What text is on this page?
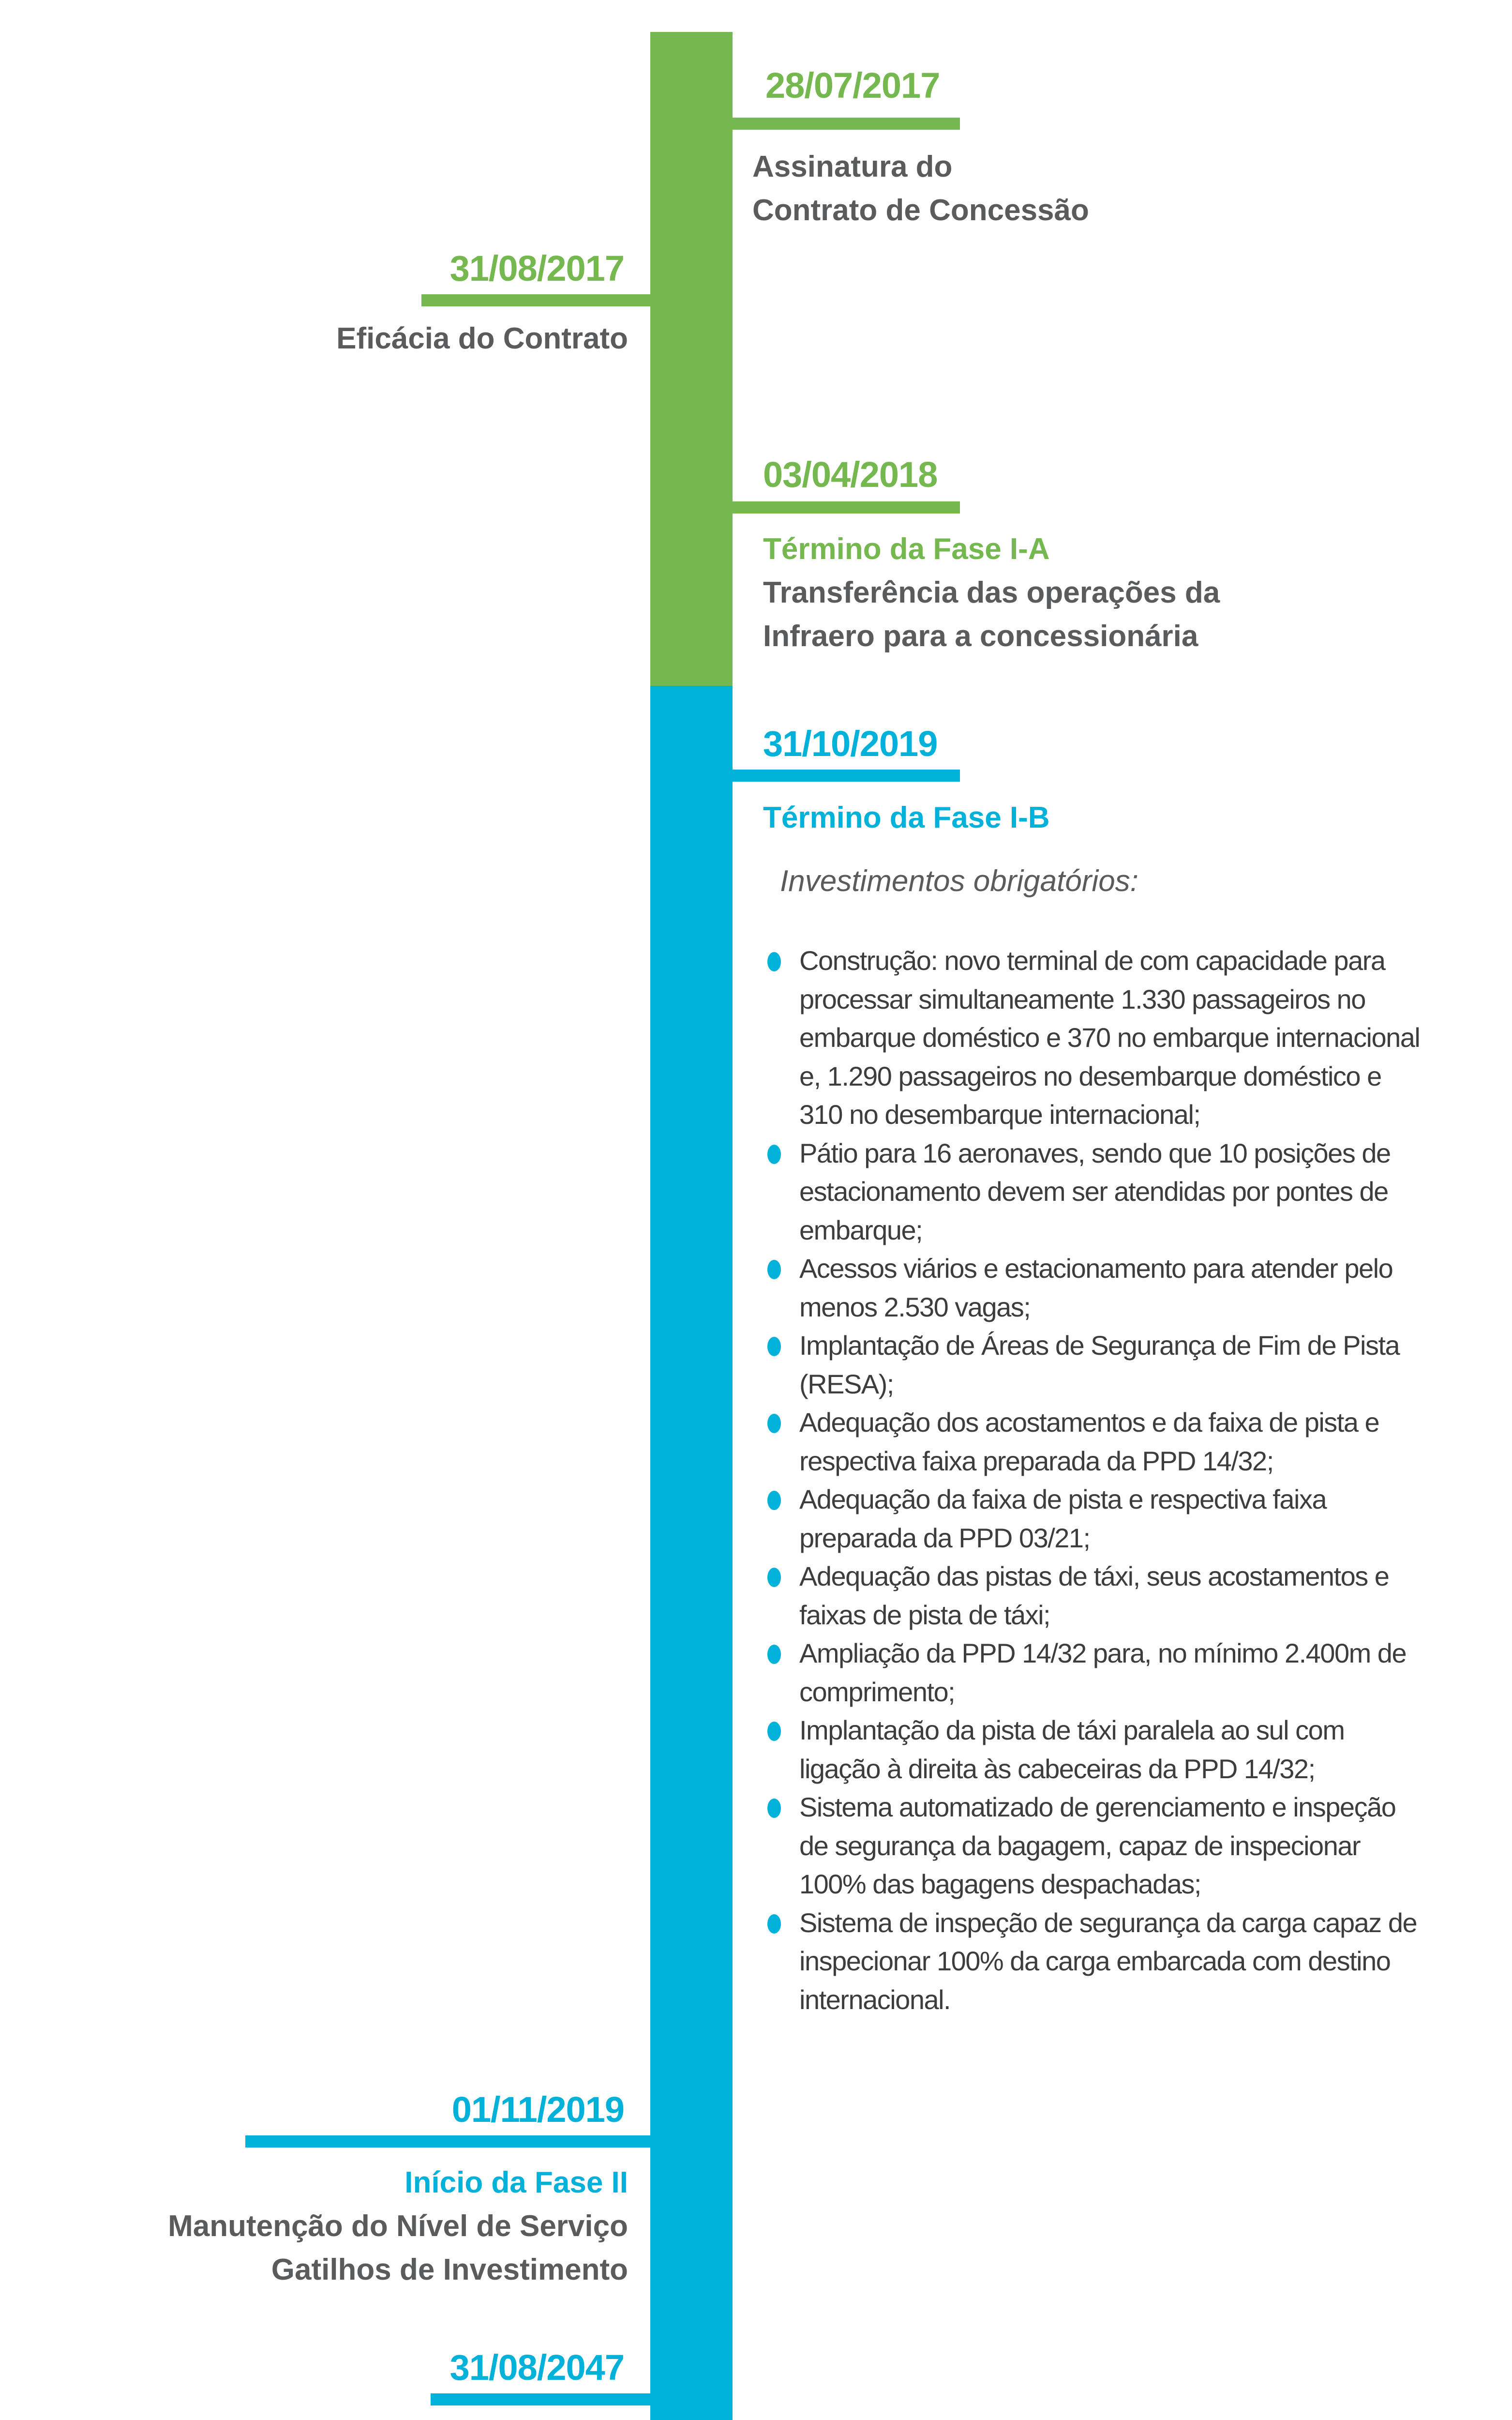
28/07/2017
Assinatura do
Contrato de Concessão
31/08/2017
Eficácia do Contrato
03/04/2018
Término da Fase I-A
Transferência das operações da
Infraero para a concessionária
31/10/2019
Término da Fase I-B
Investimentos obrigatórios:
Construção: novo terminal de com capacidade para processar simultaneamente 1.330 passageiros no embarque doméstico e 370 no embarque internacional e, 1.290 passageiros no desembarque doméstico e 310 no desembarque internacional;
Pátio para 16 aeronaves, sendo que 10 posições de estacionamento devem ser atendidas por pontes de embarque;
Acessos viários e estacionamento para atender pelo menos 2.530 vagas;
Implantação de Áreas de Segurança de Fim de Pista (RESA);
Adequação dos acostamentos e da faixa de pista e respectiva faixa preparada da PPD 14/32;
Adequação da faixa de pista e respectiva faixa preparada da PPD 03/21;
Adequação das pistas de táxi, seus acostamentos e faixas de pista de táxi;
Ampliação da PPD 14/32 para, no mínimo 2.400m de comprimento;
Implantação da pista de táxi paralela ao sul com ligação à direita às cabeceiras da PPD 14/32;
Sistema automatizado de gerenciamento e inspeção de segurança da bagagem, capaz de inspecionar 100% das bagagens despachadas;
Sistema de inspeção de segurança da carga capaz de inspecionar 100% da carga embarcada com destino internacional.
01/11/2019
Início da Fase II
Manutenção do Nível de Serviço
Gatilhos de Investimento
31/08/2047
